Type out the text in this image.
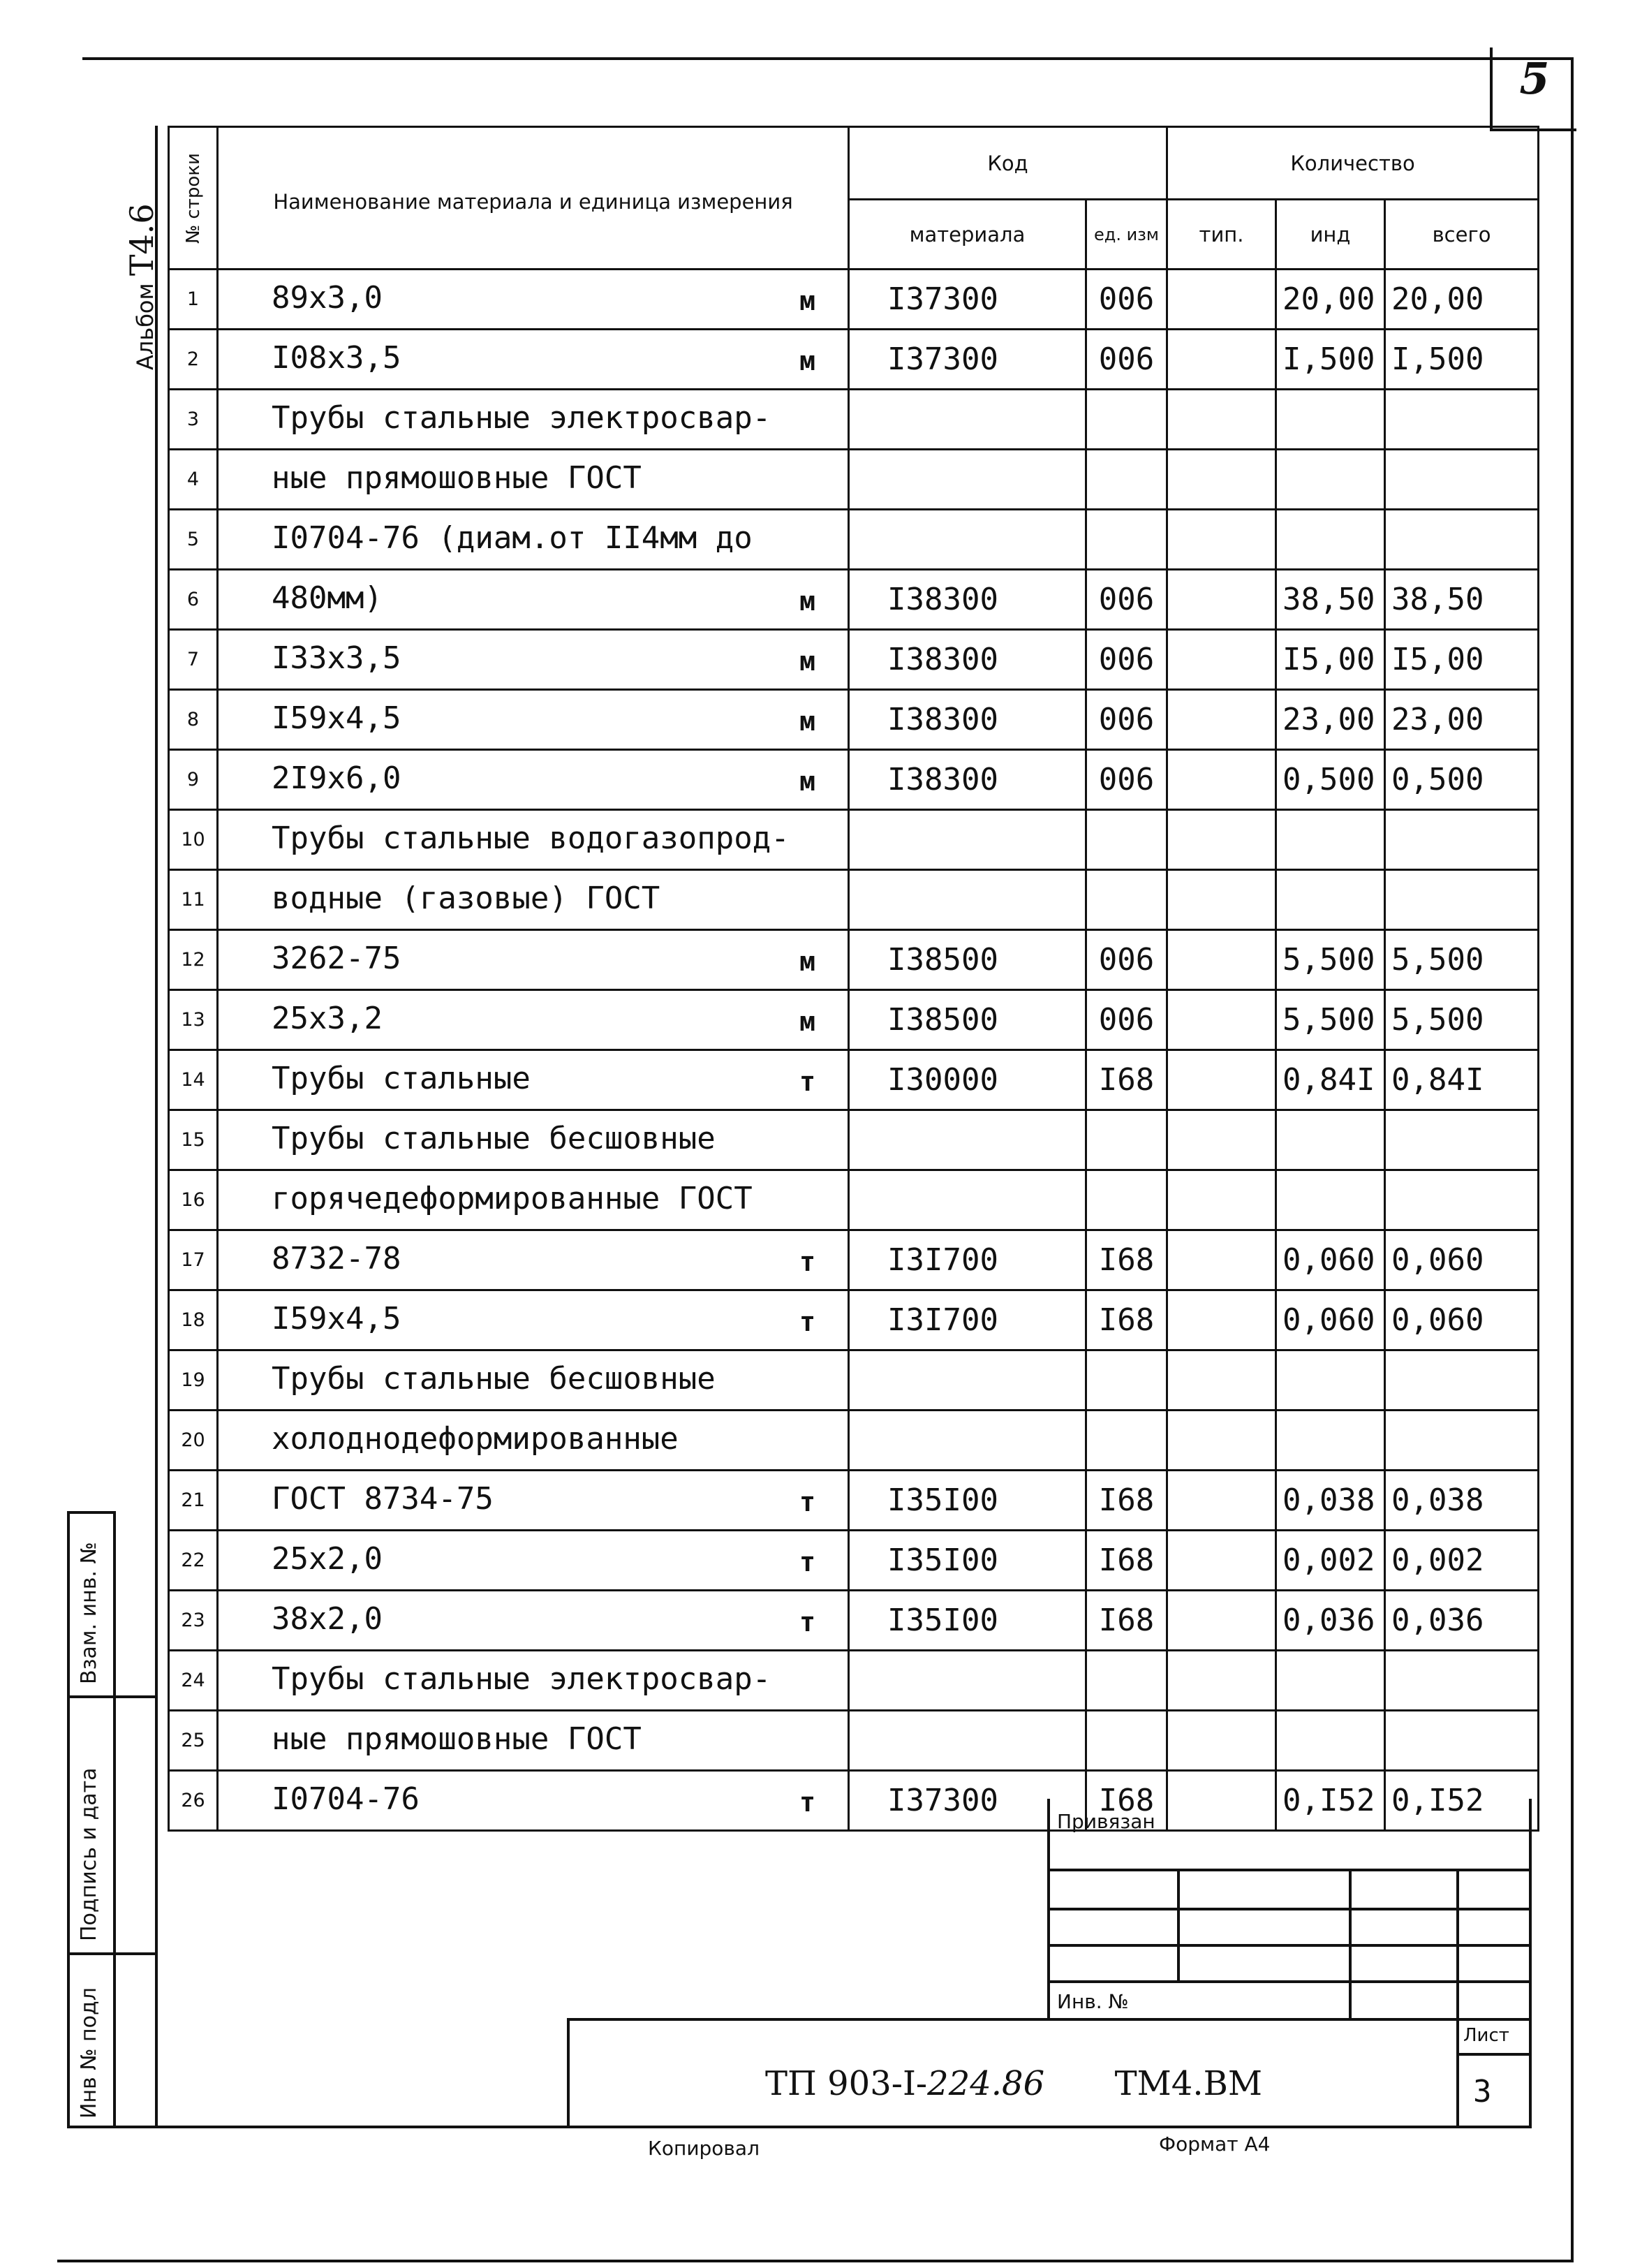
5
Альбом T4.6 № строки	Наименование материала и единица измерения	Код		Количество		
		материала	ед. изм	тип.	инд	всего
1	89х3,0 м	I37300	006		20,00	20,00
2	I08х3,5 м	I37300	006		I,500	I,500
3	Трубы стальные электросвар-					

4	ные прямошовные ГОСТ					

5	I0704-76 (диам.от II4мм до					

6	480мм) м	I38300	006		38,50	38,50
7	I33х3,5 м	I38300	006		I5,00	I5,00
8	I59х4,5 м	I38300	006		23,00	23,00
9	2I9х6,0 м	I38300	006		0,500	0,500
10	Трубы стальные водогазопрод-					

11	водные (газовые) ГОСТ					

12	3262-75 м	I38500	006		5,500	5,500
13	25х3,2 м	I38500	006		5,500	5,500
14	Трубы стальные т	I30000	I68		0,84I	0,84I
15	Трубы стальные бесшовные					

16	горячедеформированные ГОСТ					

17	8732-78 т	I3I700	I68		0,060	0,060
18	I59х4,5 т	I3I700	I68		0,060	0,060
19	Трубы стальные бесшовные					

20	холоднодеформированные					

21	ГОСТ 8734-75 т	I35I00	I68		0,038	0,038
22	25х2,0 т	I35I00	I68		0,002	0,002
23	38х2,0 т	I35I00	I68		0,036	0,036
24	Трубы стальные электросвар-					

25	ные прямошовные ГОСТ					

26	I0704-76 т	I37300	I68		0,I52	0,I52
Взам. инв. №
Подпись и дата
Инв № подл
Привязан
Инв. №
Лист
3
ТП 903-I-224.86 ТМ4.ВМ
Копировал	Формат А4
